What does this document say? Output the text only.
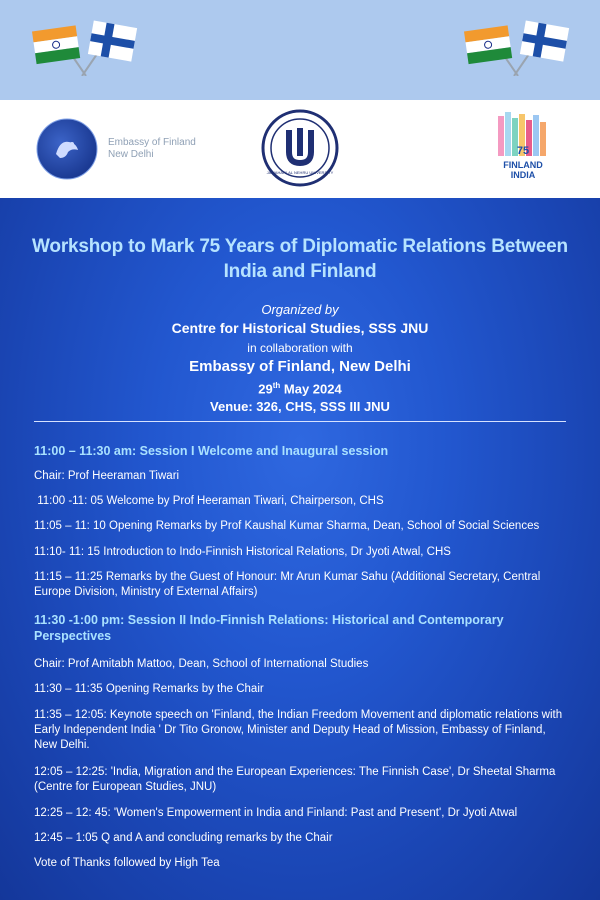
Embassy of Finland
New Delhi
JAWAHARLAL NEHRU UNIVERSITY
75
FINLAND
INDIA
Workshop to Mark 75 Years of Diplomatic Relations Between
India and Finland
Organized by
Centre for Historical Studies, SSS JNU
in collaboration with
Embassy of Finland, New Delhi
29th May 2024
Venue: 326, CHS, SSS III JNU
11:00 – 11:30 am: Session I Welcome and Inaugural session
Chair: Prof Heeraman Tiwari
11:00 -11: 05 Welcome by Prof Heeraman Tiwari, Chairperson, CHS
11:05 – 11: 10 Opening Remarks by Prof Kaushal Kumar Sharma, Dean, School of Social Sciences
11:10- 11: 15 Introduction to Indo-Finnish Historical Relations, Dr Jyoti Atwal, CHS
11:15 – 11:25 Remarks by the Guest of Honour: Mr Arun Kumar Sahu (Additional Secretary, Central Europe Division, Ministry of External Affairs)
11:30 -1:00 pm: Session II Indo-Finnish Relations: Historical and Contemporary Perspectives
Chair: Prof Amitabh Mattoo, Dean, School of International Studies
11:30 – 11:35 Opening Remarks by the Chair
11:35 – 12:05: Keynote speech on 'Finland, the Indian Freedom Movement and diplomatic relations with Early Independent India ' Dr Tito Gronow, Minister and Deputy Head of Mission, Embassy of Finland, New Delhi.
12:05 – 12:25: 'India, Migration and the European Experiences: The Finnish Case', Dr Sheetal Sharma (Centre for European Studies, JNU)
12:25 – 12: 45: 'Women's Empowerment in India and Finland: Past and Present', Dr Jyoti Atwal
12:45 – 1:05 Q and A and concluding remarks by the Chair
Vote of Thanks followed by High Tea
